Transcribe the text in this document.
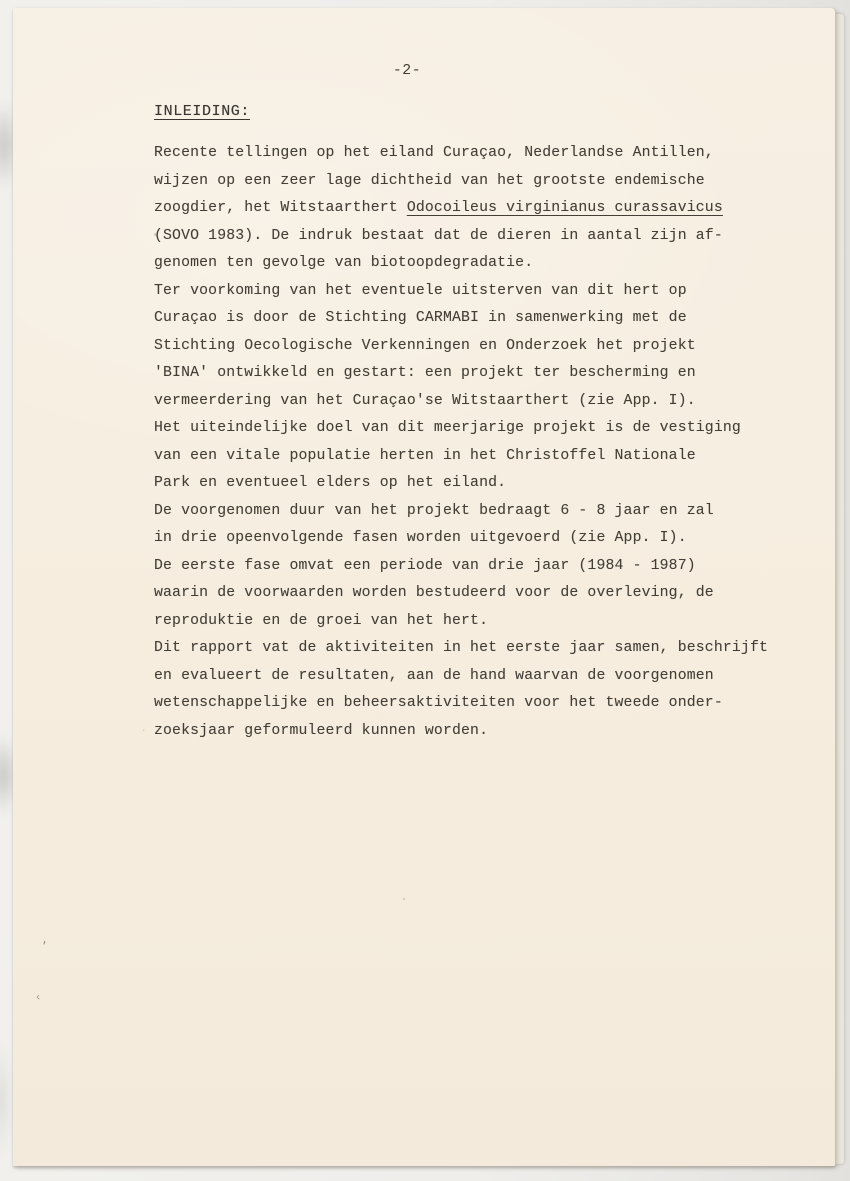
-2-
INLEIDING:
Recente tellingen op het eiland Curaçao, Nederlandse Antillen,
wijzen op een zeer lage dichtheid van het grootste endemische
zoogdier, het Witstaarthert Odocoileus virginianus curassavicus
(SOVO 1983). De indruk bestaat dat de dieren in aantal zijn af-
genomen ten gevolge van biotoopdegradatie.
Ter voorkoming van het eventuele uitsterven van dit hert op
Curaçao is door de Stichting CARMABI in samenwerking met de
Stichting Oecologische Verkenningen en Onderzoek het projekt
'BINA' ontwikkeld en gestart: een projekt ter bescherming en
vermeerdering van het Curaçao'se Witstaarthert (zie App. I).
Het uiteindelijke doel van dit meerjarige projekt is de vestiging
van een vitale populatie herten in het Christoffel Nationale
Park en eventueel elders op het eiland.
De voorgenomen duur van het projekt bedraagt 6 - 8 jaar en zal
in drie opeenvolgende fasen worden uitgevoerd (zie App. I).
De eerste fase omvat een periode van drie jaar (1984 - 1987)
waarin de voorwaarden worden bestudeerd voor de overleving, de
reproduktie en de groei van het hert.
Dit rapport vat de aktiviteiten in het eerste jaar samen, beschrijft
en evalueert de resultaten, aan de hand waarvan de voorgenomen
wetenschappelijke en beheersaktiviteiten voor het tweede onder-
zoeksjaar geformuleerd kunnen worden.
'
‹
·
